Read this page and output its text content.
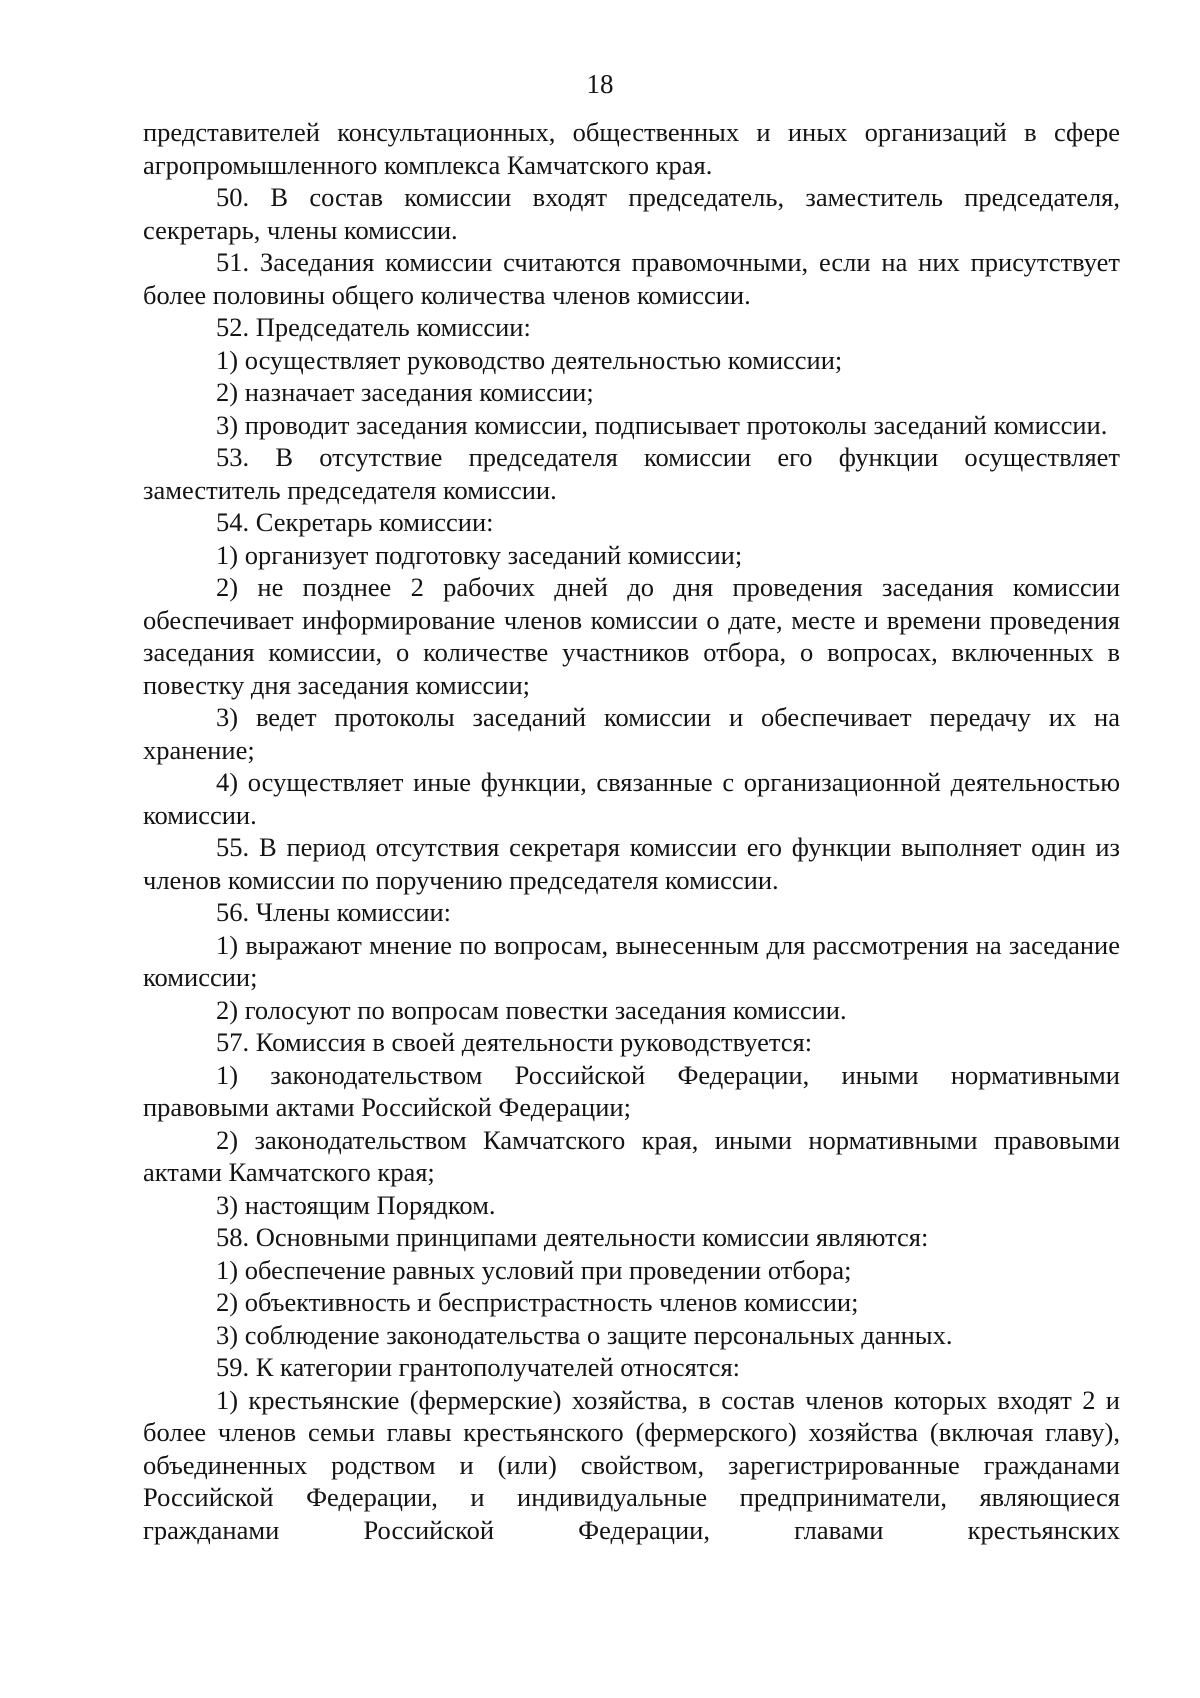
18

представителей консультационных, общественных и иных организаций в сфере агропромышленного комплекса Камчатского края.

50. В состав комиссии входят председатель, заместитель председателя, секретарь, члены комиссии.

51. Заседания комиссии считаются правомочными, если на них присутствует более половины общего количества членов комиссии.

52. Председатель комиссии:

1) осуществляет руководство деятельностью комиссии;

2) назначает заседания комиссии;

3) проводит заседания комиссии, подписывает протоколы заседаний комиссии.

53. В отсутствие председателя комиссии его функции осуществляет заместитель председателя комиссии.

54. Секретарь комиссии:

1) организует подготовку заседаний комиссии;

2) не позднее 2 рабочих дней до дня проведения заседания комиссии обеспечивает информирование членов комиссии о дате, месте и времени проведения заседания комиссии, о количестве участников отбора, о вопросах, включенных в повестку дня заседания комиссии;

3) ведет протоколы заседаний комиссии и обеспечивает передачу их на хранение;

4) осуществляет иные функции, связанные с организационной деятельностью комиссии.

55. В период отсутствия секретаря комиссии его функции выполняет один из членов комиссии по поручению председателя комиссии.

56. Члены комиссии:

1) выражают мнение по вопросам, вынесенным для рассмотрения на заседание комиссии;

2) голосуют по вопросам повестки заседания комиссии.

57. Комиссия в своей деятельности руководствуется:

1) законодательством Российской Федерации, иными нормативными правовыми актами Российской Федерации;

2) законодательством Камчатского края, иными нормативными правовыми актами Камчатского края;

3) настоящим Порядком.

58. Основными принципами деятельности комиссии являются:

1) обеспечение равных условий при проведении отбора;

2) объективность и беспристрастность членов комиссии;

3) соблюдение законодательства о защите персональных данных.

59. К категории грантополучателей относятся:

1) крестьянские (фермерские) хозяйства, в состав членов которых входят 2 и более членов семьи главы крестьянского (фермерского) хозяйства (включая главу), объединенных родством и (или) свойством, зарегистрированные гражданами Российской Федерации, и индивидуальные предприниматели, являющиеся гражданами Российской Федерации, главами крестьянских
